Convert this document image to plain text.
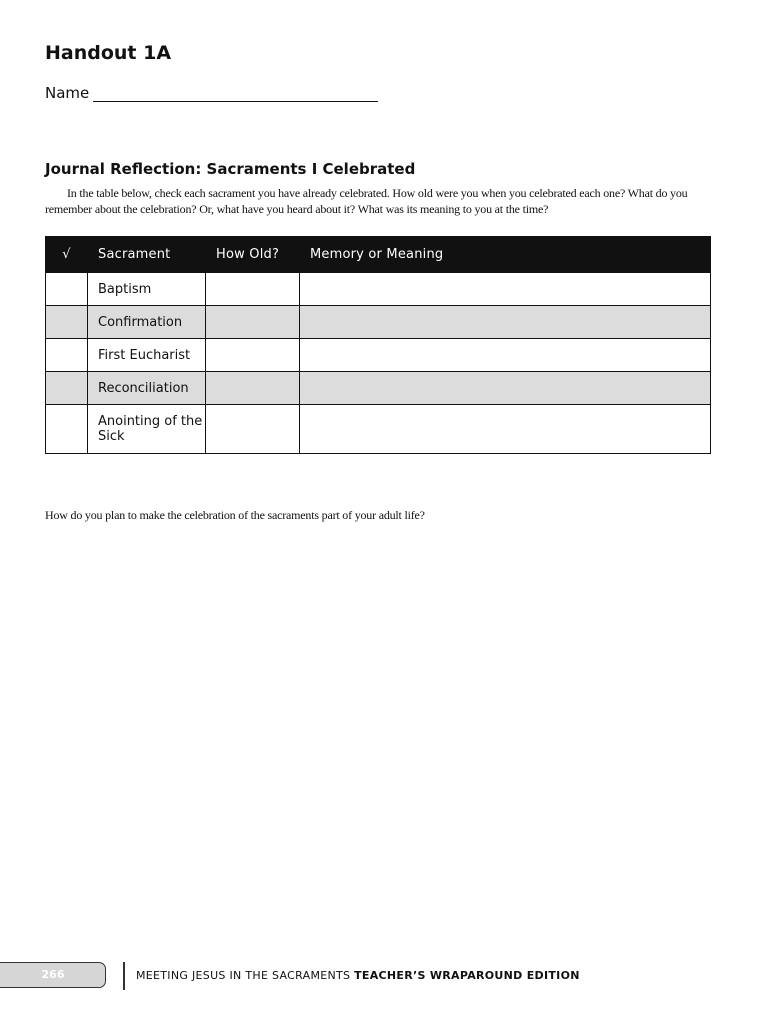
Handout 1A
Name
Journal Reflection: Sacraments I Celebrated
In the table below, check each sacrament you have already celebrated. How old were you when you celebrated each one? What do you remember about the celebration? Or, what have you heard about it? What was its meaning to you at the time?
√	Sacrament	How Old?	Memory or Meaning
	Baptism		
	Confirmation		
	First Eucharist		
	Reconciliation		
	Anointing of the Sick		
How do you plan to make the celebration of the sacraments part of your adult life?
266	MEETING JESUS IN THE SACRAMENTS TEACHER’S WRAPAROUND EDITION
